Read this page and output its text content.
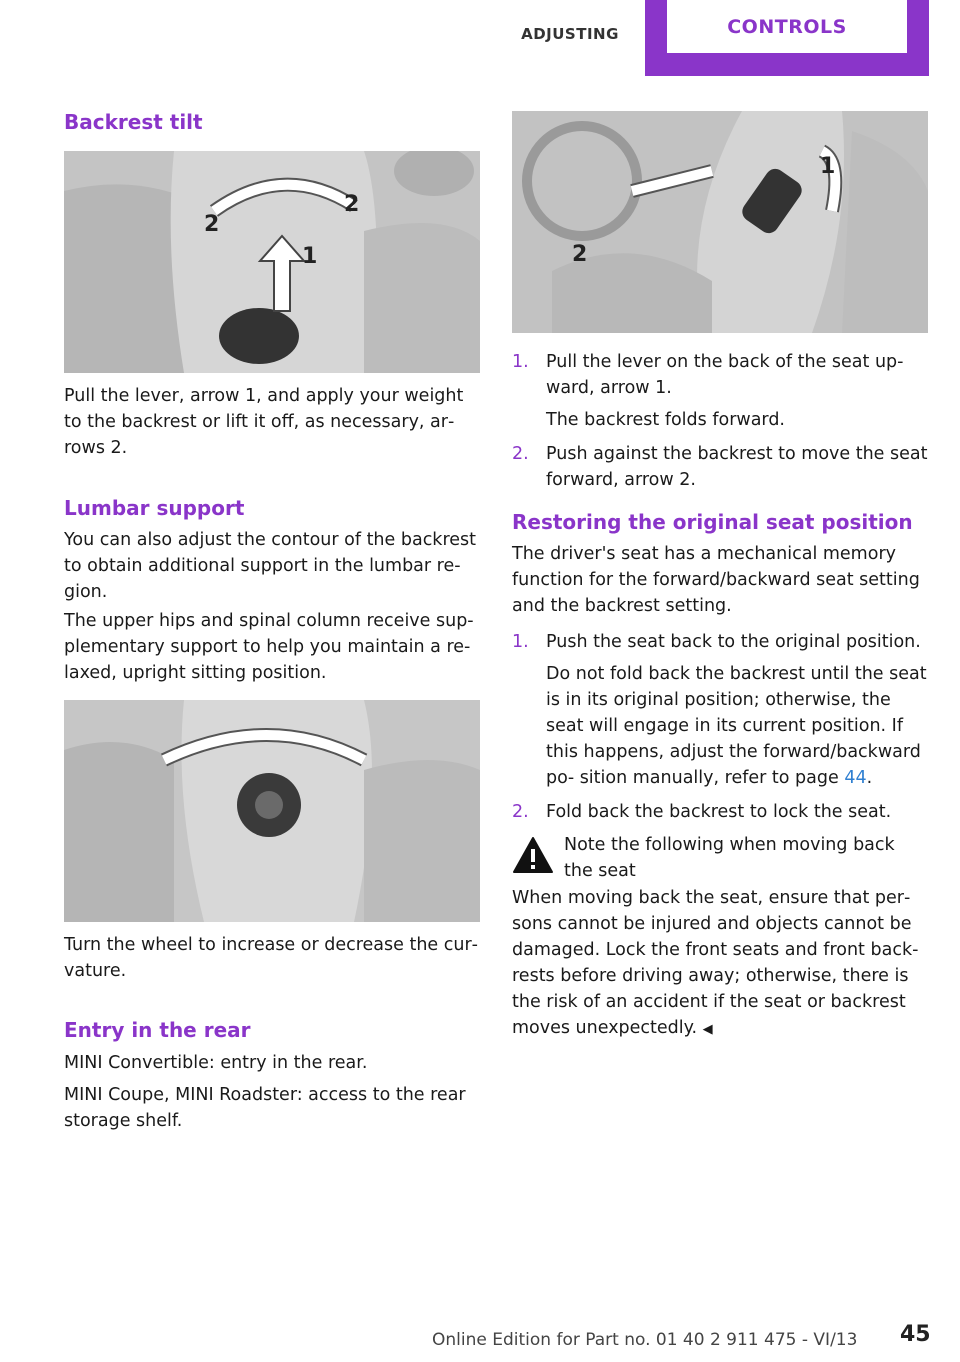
ADJUSTING	CONTROLS
Backrest tilt
2
2
1

Pull the lever, arrow 1, and apply your weight to the backrest or lift it off, as necessary, ar‐ rows 2.

Lumbar support

You can also adjust the contour of the backrest to obtain additional support in the lumbar re‐ gion.

The upper hips and spinal column receive sup‐ plementary support to help you maintain a re‐ laxed, upright sitting position.

Turn the wheel to increase or decrease the cur‐ vature.

Entry in the rear

MINI Convertible: entry in the rear.

MINI Coupe, MINI Roadster: access to the rear storage shelf.

1
2
1. Pull the lever on the back of the seat up‐ ward, arrow 1.

The backrest folds forward.

2. Push against the backrest to move the seat forward, arrow 2.

Restoring the original seat position

The driver's seat has a mechanical memory function for the forward/backward seat setting and the backrest setting.

1. Push the seat back to the original position.

Do not fold back the backrest until the seat is in its original position; otherwise, the seat will engage in its current position. If this happens, adjust the forward/backward po‐ sition manually, refer to page 44.

2. Fold back the backrest to lock the seat.

Note the following when moving back the seat

When moving back the seat, ensure that per‐ sons cannot be injured and objects cannot be damaged. Lock the front seats and front back‐ rests before driving away; otherwise, there is the risk of an accident if the seat or backrest moves unexpectedly. ◀

Online Edition for Part no. 01 40 2 911 475 - VI/13 45
